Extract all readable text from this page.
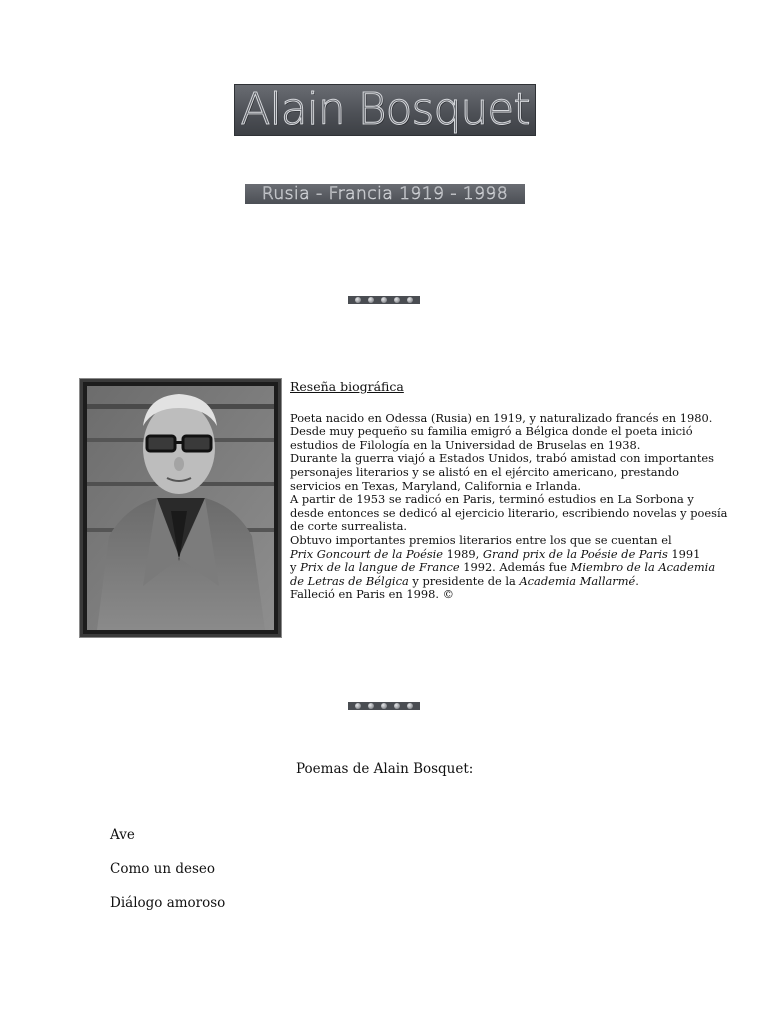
Alain Bosquet
Rusia - Francia 1919 - 1998
Reseña biográfica

Poeta nacido en Odessa (Rusia) en 1919, y naturalizado francés en 1980.

Desde muy pequeño su familia emigró a Bélgica donde el poeta inició estudios de Filología en la Universidad de Bruselas en 1938.

Durante la guerra viajó a Estados Unidos, trabó amistad con importantes personajes literarios y se alistó en el ejército americano, prestando servicios en Texas, Maryland, California e Irlanda.

A partir de 1953 se radicó en Paris, terminó estudios en La Sorbona y desde entonces se dedicó al ejercicio literario, escribiendo novelas y poesía de corte surrealista.

Obtuvo importantes premios literarios entre los que se cuentan el
Prix Goncourt de la Poésie 1989, Grand prix de la Poésie de Paris 1991
y Prix de la langue de France 1992. Además fue Miembro de la Academia de Letras de Bélgica y presidente de la Academia Mallarmé.

Falleció en Paris en 1998. ©

Poemas de Alain Bosquet:
Ave
Como un deseo
Diálogo amoroso
